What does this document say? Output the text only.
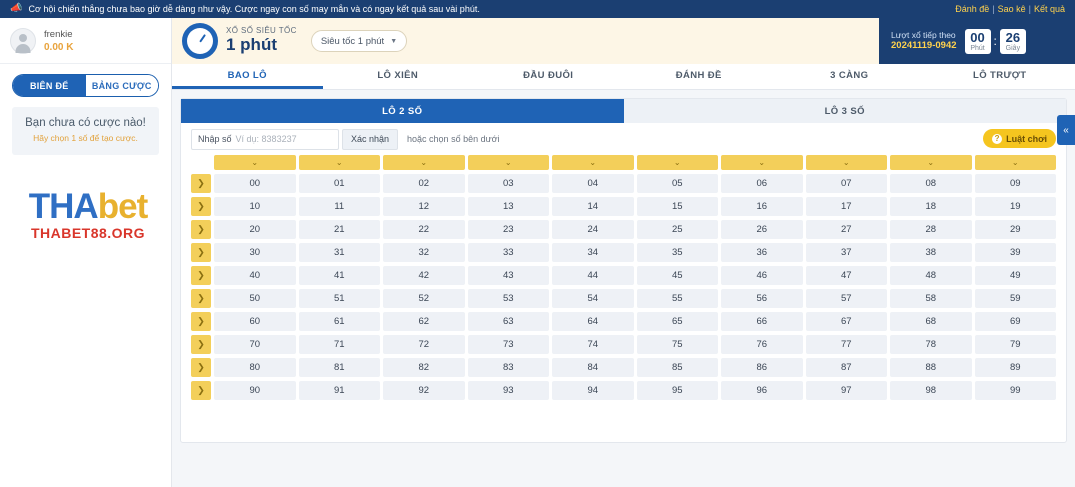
📣 Cơ hội chiến thắng chưa bao giờ dễ dàng như vậy. Cược ngay con số may mắn và có ngay kết quả sau vài phút.	Đánh đề | Sao kê | Kết quả
frenkie
0.00 K
BIÊN ĐỂ	BẢNG CƯỢC
Bạn chưa có cược nào!
Hãy chọn 1 số để tạo cược.
THAbet
THABET88.ORG
XỔ SỐ SIÊU TỐC
1 phút	Siêu tốc 1 phút ▼
Lượt xổ tiếp theo
20241119-0942
00
Phút : 26
Giây
BAO LÔ	LÔ XIÊN	ĐẦU ĐUÔI	ĐÁNH ĐỀ	3 CÀNG	LÔ TRƯỢT
LÔ 2 SỐ	LÔ 3 SỐ
Nhập số Ví dụ: 8383237	Xác nhận	hoặc chọn số bên dưới	? Luật chơi
⌄	⌄	⌄	⌄	⌄	⌄	⌄	⌄	⌄	⌄
❯	00	01	02	03	04	05	06	07	08	09
❯	10	11	12	13	14	15	16	17	18	19
❯	20	21	22	23	24	25	26	27	28	29
❯	30	31	32	33	34	35	36	37	38	39
❯	40	41	42	43	44	45	46	47	48	49
❯	50	51	52	53	54	55	56	57	58	59
❯	60	61	62	63	64	65	66	67	68	69
❯	70	71	72	73	74	75	76	77	78	79
❯	80	81	82	83	84	85	86	87	88	89
❯	90	91	92	93	94	95	96	97	98	99
«
